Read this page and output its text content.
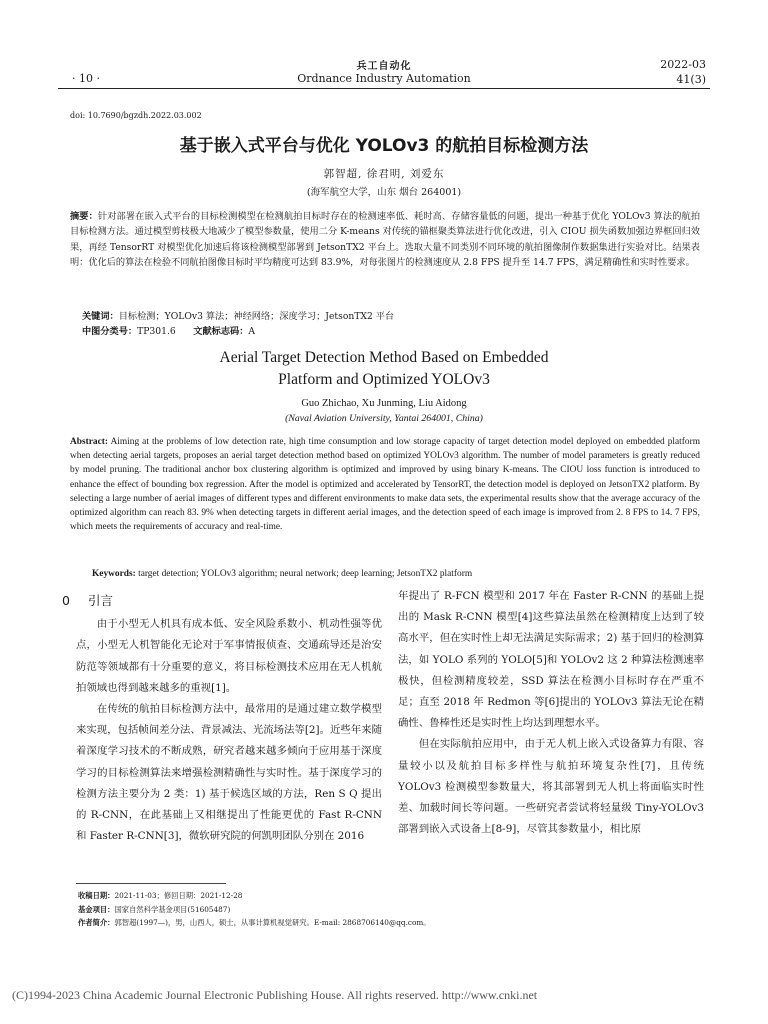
兵工自动化
Ordnance Industry Automation
· 10 ·
2022-03
41(3)
doi: 10.7690/bgzdh.2022.03.002
基于嵌入式平台与优化 YOLOv3 的航拍目标检测方法
郭智超, 徐君明, 刘爱东
(海军航空大学，山东 烟台 264001)
摘要：针对部署在嵌入式平台的目标检测模型在检测航拍目标时存在的检测速率低、耗时高、存储容量低的问题，提出一种基于优化 YOLOv3 算法的航拍目标检测方法。通过模型剪枝极大地减少了模型参数量，使用二分 K-means 对传统的锚框聚类算法进行优化改进，引入 CIOU 损失函数加强边界框回归效果，再经 TensorRT 对模型优化加速后将该检测模型部署到 JetsonTX2 平台上。选取大量不同类别不同环境的航拍图像制作数据集进行实验对比。结果表明：优化后的算法在检验不同航拍图像目标时平均精度可达到 83.9%，对每张图片的检测速度从 2.8 FPS 提升至 14.7 FPS，满足精确性和实时性要求。
关键词：目标检测；YOLOv3 算法；神经网络；深度学习；JetsonTX2 平台
中图分类号：TP301.6 文献标志码：A
Aerial Target Detection Method Based on Embedded
Platform and Optimized YOLOv3
Guo Zhichao, Xu Junming, Liu Aidong
(Naval Aviation University, Yantai 264001, China)
Abstract: Aiming at the problems of low detection rate, high time consumption and low storage capacity of target detection model deployed on embedded platform when detecting aerial targets, proposes an aerial target detection method based on optimized YOLOv3 algorithm. The number of model parameters is greatly reduced by model pruning. The traditional anchor box clustering algorithm is optimized and improved by using binary K-means. The CIOU loss function is introduced to enhance the effect of bounding box regression. After the model is optimized and accelerated by TensorRT, the detection model is deployed on JetsonTX2 platform. By selecting a large number of aerial images of different types and different environments to make data sets, the experimental results show that the average accuracy of the optimized algorithm can reach 83. 9% when detecting targets in different aerial images, and the detection speed of each image is improved from 2. 8 FPS to 14. 7 FPS, which meets the requirements of accuracy and real-time.
Keywords: target detection; YOLOv3 algorithm; neural network; deep learning; JetsonTX2 platform
0 引言

由于小型无人机具有成本低、安全风险系数小、机动性强等优点，小型无人机智能化无论对于军事情报侦查、交通疏导还是治安防范等领域都有十分重要的意义，将目标检测技术应用在无人机航拍领域也得到越来越多的重视[1]。

在传统的航拍目标检测方法中，最常用的是通过建立数学模型来实现，包括帧间差分法、背景减法、光流场法等[2]。近些年来随着深度学习技术的不断成熟，研究者越来越多倾向于应用基于深度学习的目标检测算法来增强检测精确性与实时性。基于深度学习的检测方法主要分为 2 类：1) 基于候选区域的方法，Ren S Q 提出的 R-CNN，在此基础上又相继提出了性能更优的 Fast R-CNN 和 Faster R-CNN[3]，微软研究院的何凯明团队分别在 2016

年提出了 R-FCN 模型和 2017 年在 Faster R-CNN 的基础上提出的 Mask R-CNN 模型[4]这些算法虽然在检测精度上达到了较高水平，但在实时性上却无法满足实际需求；2) 基于回归的检测算法，如 YOLO 系列的 YOLO[5]和 YOLOv2 这 2 种算法检测速率极快，但检测精度较差，SSD 算法在检测小目标时存在严重不足；直至 2018 年 Redmon 等[6]提出的 YOLOv3 算法无论在精确性、鲁棒性还是实时性上均达到理想水平。

但在实际航拍应用中，由于无人机上嵌入式设备算力有限、容量较小以及航拍目标多样性与航拍环境复杂性[7]，且传统 YOLOv3 检测模型参数量大，将其部署到无人机上将面临实时性差、加载时间长等问题。一些研究者尝试将轻量级 Tiny-YOLOv3 部署到嵌入式设备上[8-9]，尽管其参数量小，相比原

收稿日期：2021-11-03；修回日期：2021-12-28
基金项目：国家自然科学基金项目(51605487)
作者简介：郭智超(1997—)，男，山西人，硕士，从事计算机视觉研究。E-mail: 2868706140@qq.com。
(C)1994-2023 China Academic Journal Electronic Publishing House. All rights reserved. http://www.cnki.net
